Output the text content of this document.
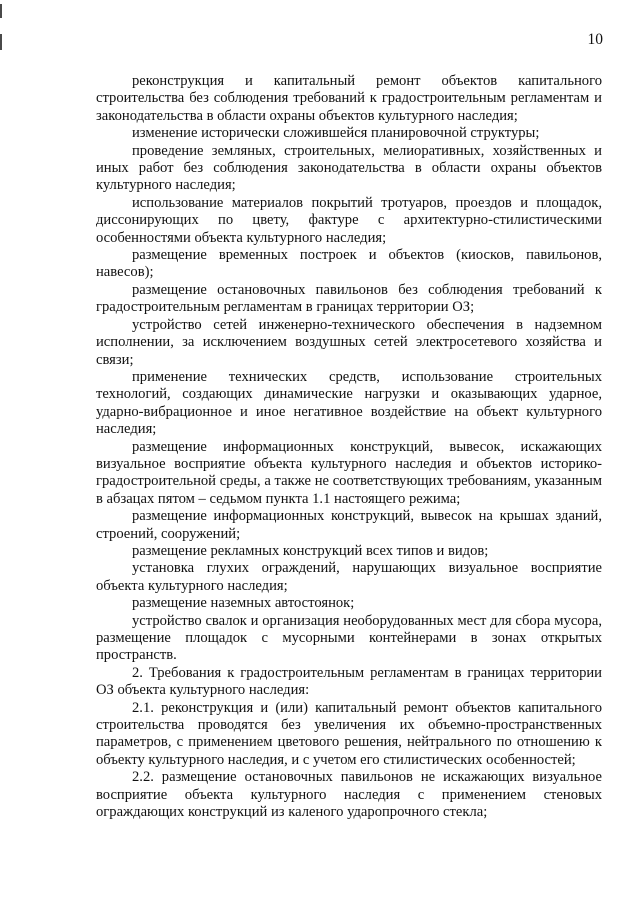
10

реконструкция и капитальный ремонт объектов капитального строительства без соблюдения требований к градостроительным регламентам и законодательства в области охраны объектов культурного наследия;

изменение исторически сложившейся планировочной структуры;

проведение земляных, строительных, мелиоративных, хозяйственных и иных работ без соблюдения законодательства в области охраны объектов культурного наследия;

использование материалов покрытий тротуаров, проездов и площадок, диссонирующих по цвету, фактуре с архитектурно-стилистическими особенностями объекта культурного наследия;

размещение временных построек и объектов (киосков, павильонов, навесов);

размещение остановочных павильонов без соблюдения требований к градостроительным регламентам в границах территории ОЗ;

устройство сетей инженерно-технического обеспечения в надземном исполнении, за исключением воздушных сетей электросетевого хозяйства и связи;

применение технических средств, использование строительных технологий, создающих динамические нагрузки и оказывающих ударное, ударно-вибрационное и иное негативное воздействие на объект культурного наследия;

размещение информационных конструкций, вывесок, искажающих визуальное восприятие объекта культурного наследия и объектов историко-градостроительной среды, а также не соответствующих требованиям, указанным в абзацах пятом – седьмом пункта 1.1 настоящего режима;

размещение информационных конструкций, вывесок на крышах зданий, строений, сооружений;

размещение рекламных конструкций всех типов и видов;

установка глухих ограждений, нарушающих визуальное восприятие объекта культурного наследия;

размещение наземных автостоянок;

устройство свалок и организация необорудованных мест для сбора мусора, размещение площадок с мусорными контейнерами в зонах открытых пространств.

2. Требования к градостроительным регламентам в границах территории ОЗ объекта культурного наследия:

2.1. реконструкция и (или) капитальный ремонт объектов капитального строительства проводятся без увеличения их объемно-пространственных параметров, с применением цветового решения, нейтрального по отношению к объекту культурного наследия, и с учетом его стилистических особенностей;

2.2. размещение остановочных павильонов не искажающих визуальное восприятие объекта культурного наследия с применением стеновых ограждающих конструкций из каленого ударопрочного стекла;
